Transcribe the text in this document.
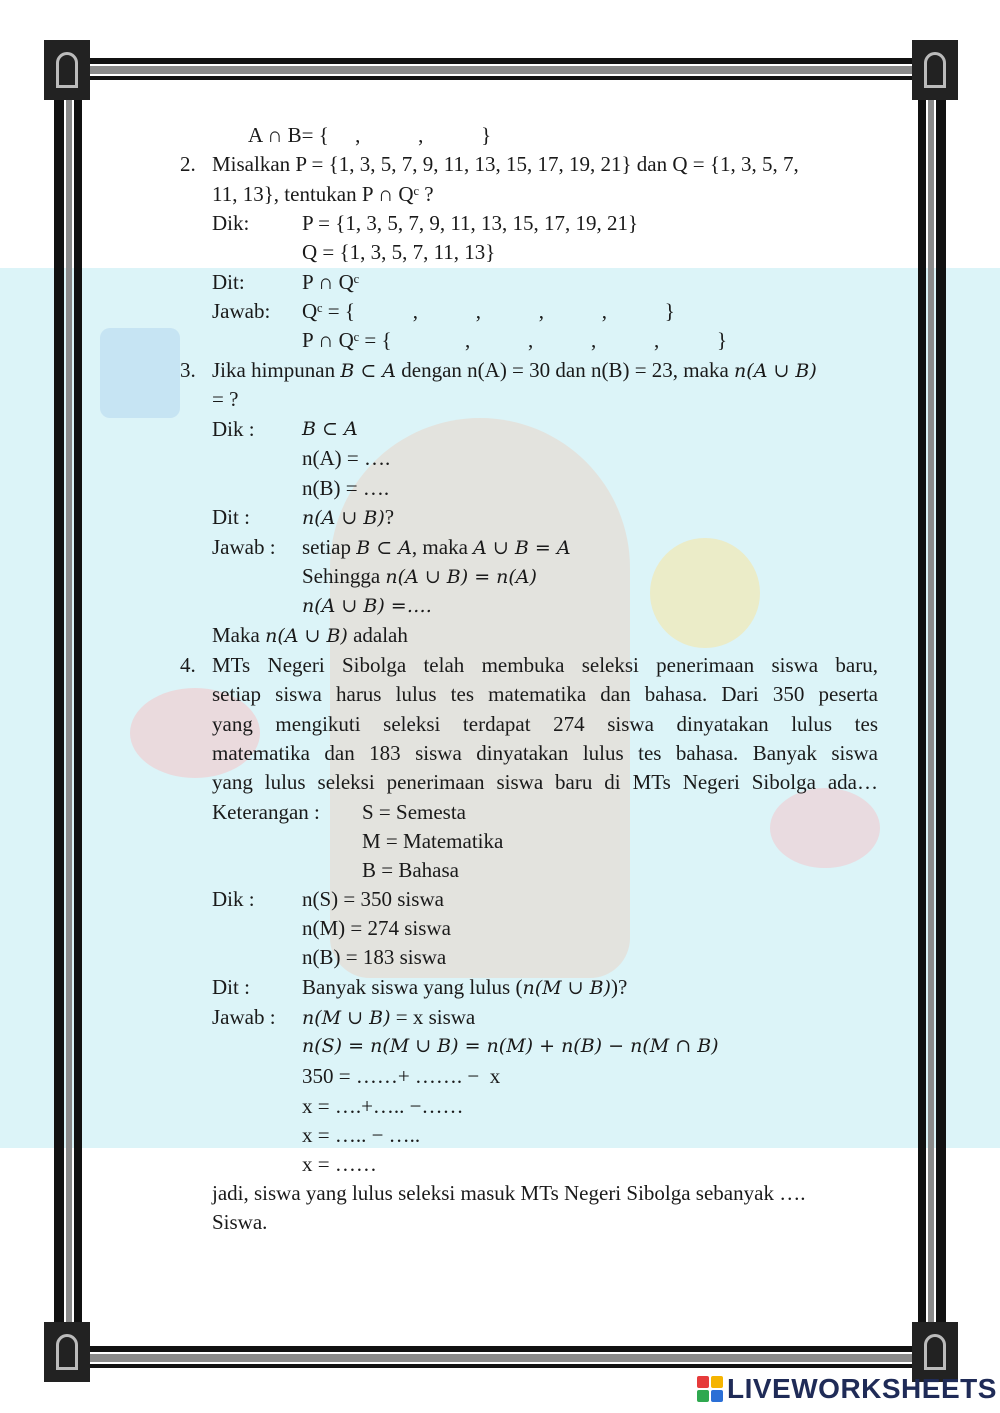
A ∩ B= {     ,           ,           }
2. Misalkan P = {1, 3, 5, 7, 9, 11, 13, 15, 17, 19, 21} dan Q = {1, 3, 5, 7,
11, 13}, tentukan P ∩ Qᶜ ?
Dik:	P = {1, 3, 5, 7, 9, 11, 13, 15, 17, 19, 21}
Q = {1, 3, 5, 7, 11, 13}
Dit:	P ∩ Qᶜ
Jawab: Qᶜ = {           ,           ,           ,           ,           }
P ∩ Qᶜ = {              ,           ,           ,           ,           }
3. Jika himpunan B ⊂ A dengan n(A) = 30 dan n(B) = 23, maka n(A ∪ B)
= ?
Dik : B ⊂ A
n(A) = ….
n(B) = ….
Dit :	n(A ∪ B)?
Jawab : setiap B ⊂ A, maka A ∪ B = A
Sehingga n(A ∪ B) = n(A)
n(A ∪ B) =….
Maka n(A ∪ B) adalah
4. MTs Negeri Sibolga telah membuka seleksi penerimaan siswa baru,
setiap siswa harus lulus tes matematika dan bahasa. Dari 350 peserta
yang mengikuti seleksi terdapat 274 siswa dinyatakan lulus tes
matematika dan 183 siswa dinyatakan lulus tes bahasa. Banyak siswa
yang lulus seleksi penerimaan siswa baru di MTs Negeri Sibolga ada…
Keterangan : S = Semesta
M = Matematika
B = Bahasa
Dik : n(S) = 350 siswa
n(M) = 274 siswa
n(B) = 183 siswa
Dit : Banyak siswa yang lulus (n(M ∪ B))?
Jawab : n(M ∪ B) = x siswa
n(S) = n(M ∪ B) = n(M) + n(B) − n(M ∩ B)
350 = ……+ ……. −  x
x = ….+….. −……
x = ….. − …..
x = ……
jadi, siswa yang lulus seleksi masuk MTs Negeri Sibolga sebanyak ….
Siswa.
LIVEWORKSHEETS
